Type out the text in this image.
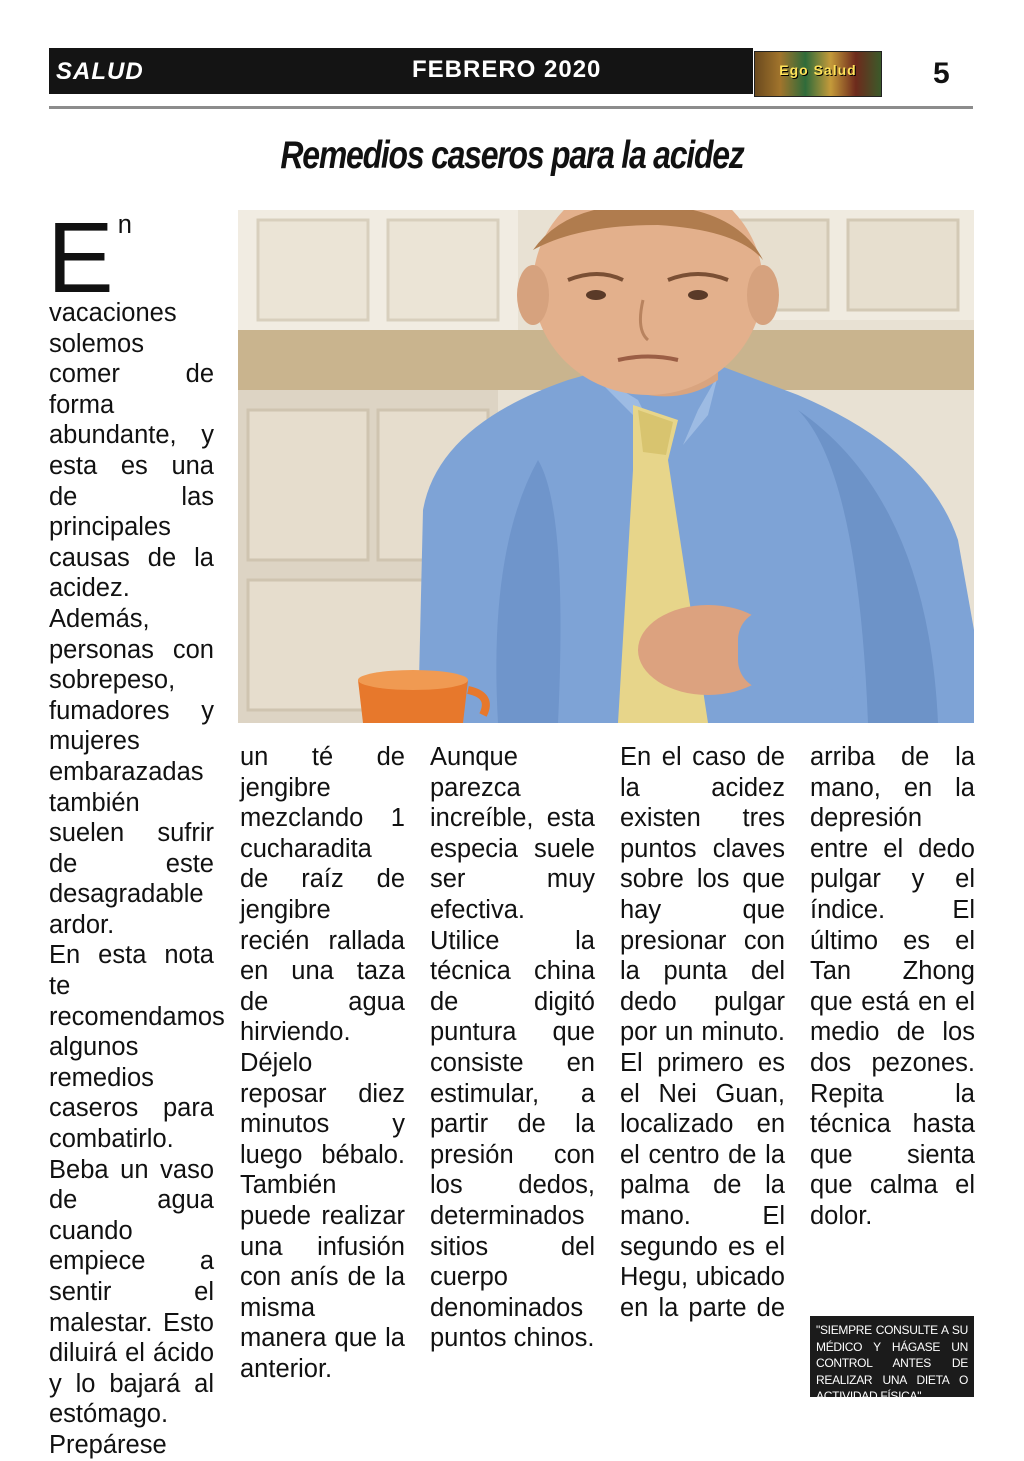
SALUD	FEBRERO 2020	Ego Salud	5
Remedios caseros para la acidez
E n vacaciones solemos comer de forma abundante, y esta es una de las principales causas de la acidez.

Además, personas con sobrepeso, fumadores y mujeres embarazadas también suelen sufrir de este desagradable ardor.

En esta nota te recomendamos algunos remedios caseros para combatirlo. Beba un vaso de agua cuando empiece a sentir el malestar. Esto diluirá el ácido y lo bajará al estómago.

Prepárese

un té de jengibre mezclando 1 cucharadita de raíz de jengibre recién rallada en una taza de agua hirviendo. Déjelo reposar diez minutos y luego bébalo. También puede realizar una infusión con anís de la misma manera que la anterior.

Aunque parezca increíble, esta especia suele ser muy efectiva.

Utilice la técnica china de digitó puntura que consiste en estimular, a partir de la presión con los dedos, determinados sitios del cuerpo denominados puntos chinos.

En el caso de la acidez existen tres puntos claves sobre los que hay que presionar con la punta del dedo pulgar por un minuto. El primero es el Nei Guan, localizado en el centro de la palma de la mano. El segundo es el Hegu, ubicado en la parte de

arriba de la mano, en la depresión entre el dedo pulgar y el índice. El último es el Tan Zhong que está en el medio de los dos pezones. Repita la técnica hasta que sienta que calma el dolor.

"SIEMPRE CONSULTE A SU MÉDICO Y HÁGASE UN CONTROL ANTES DE REALIZAR UNA DIETA O ACTIVIDAD FÍSICA"
